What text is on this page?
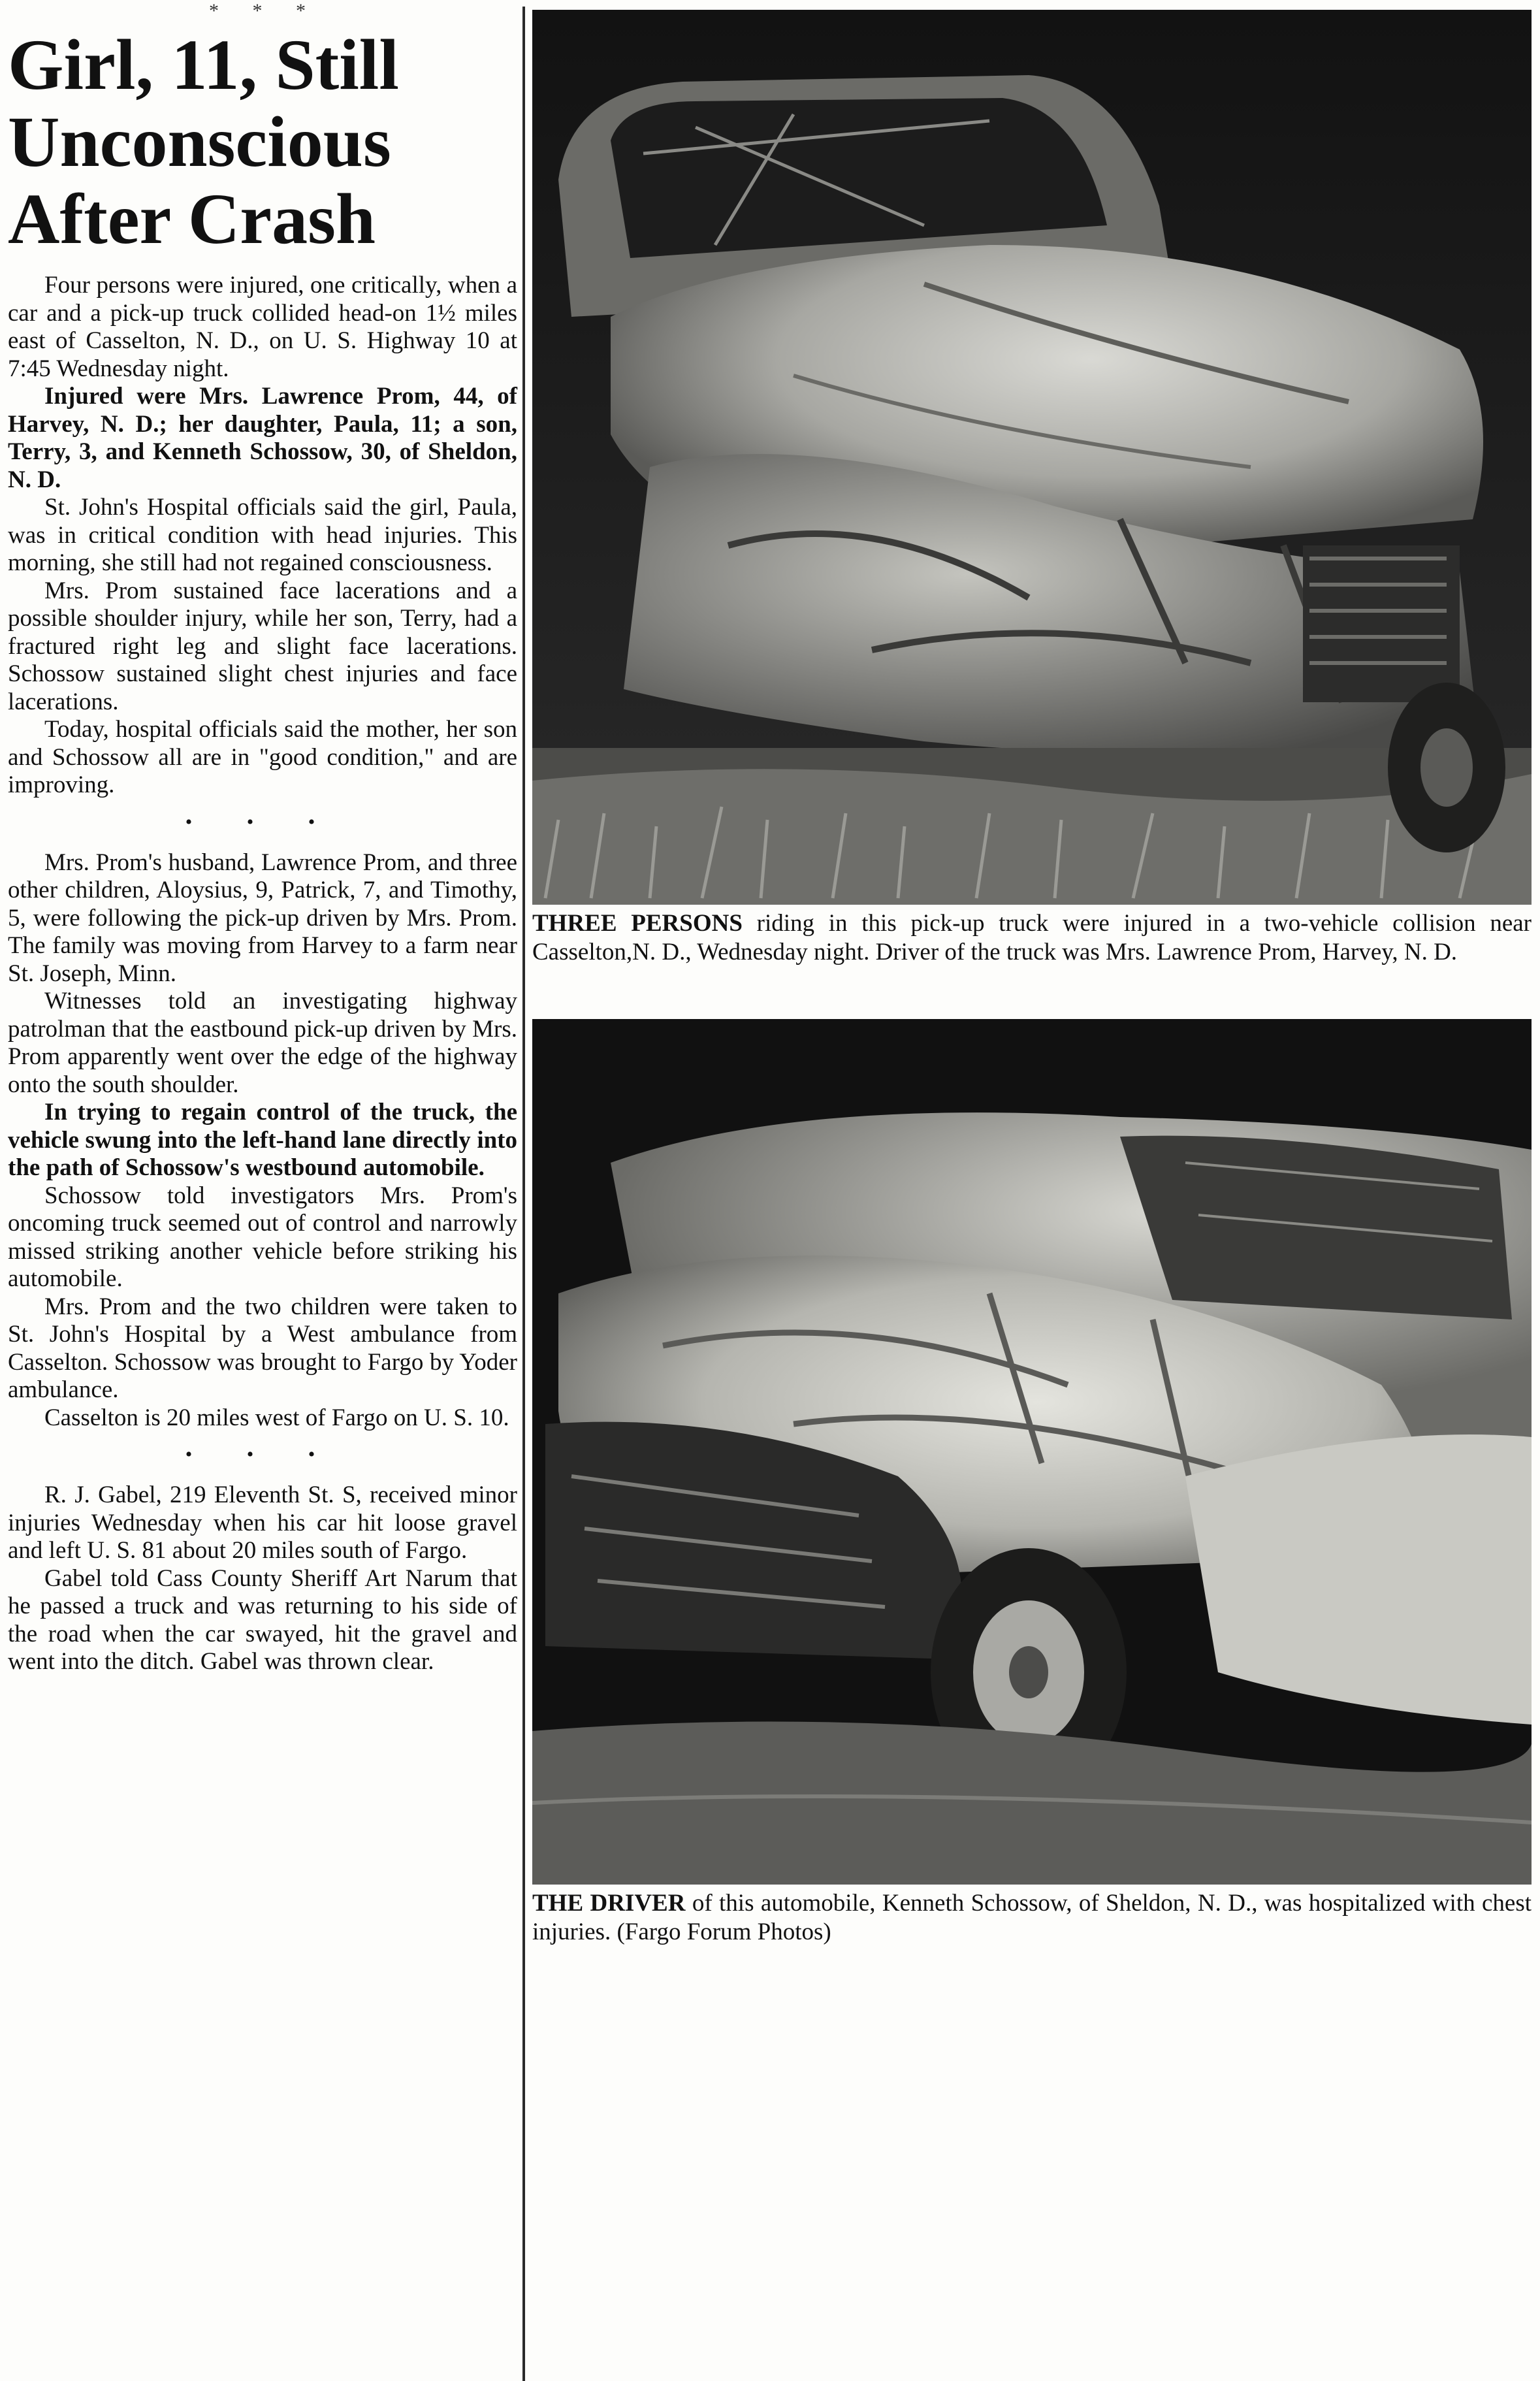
* * *
Girl, 11, Still
Unconscious
After Crash

Four persons were injured, one critically, when a car and a pick-up truck collided head-on 1½ miles east of Casselton, N. D., on U. S. Highway 10 at 7:45 Wednesday night.

Injured were Mrs. Lawrence Prom, 44, of Harvey, N. D.; her daughter, Paula, 11; a son, Terry, 3, and Kenneth Schossow, 30, of Sheldon, N. D.

St. John's Hospital officials said the girl, Paula, was in critical condition with head injuries. This morning, she still had not regained consciousness.

Mrs. Prom sustained face lacerations and a possible shoulder injury, while her son, Terry, had a fractured right leg and slight face lacerations. Schossow sustained slight chest injuries and face lacerations.

Today, hospital officials said the mother, her son and Schossow all are in "good condition," and are improving.

• • •

Mrs. Prom's husband, Lawrence Prom, and three other children, Aloysius, 9, Patrick, 7, and Timothy, 5, were following the pick-up driven by Mrs. Prom. The family was moving from Harvey to a farm near St. Joseph, Minn.

Witnesses told an investigating highway patrolman that the eastbound pick-up driven by Mrs. Prom apparently went over the edge of the highway onto the south shoulder.

In trying to regain control of the truck, the vehicle swung into the left-hand lane directly into the path of Schossow's westbound automobile.

Schossow told investigators Mrs. Prom's oncoming truck seemed out of control and narrowly missed striking another vehicle before striking his automobile.

Mrs. Prom and the two children were taken to St. John's Hospital by a West ambulance from Casselton. Schossow was brought to Fargo by Yoder ambulance.

Casselton is 20 miles west of Fargo on U. S. 10.

• • •

R. J. Gabel, 219 Eleventh St. S, received minor injuries Wednesday when his car hit loose gravel and left U. S. 81 about 20 miles south of Fargo.

Gabel told Cass County Sheriff Art Narum that he passed a truck and was returning to his side of the road when the car swayed, hit the gravel and went into the ditch. Gabel was thrown clear.

THREE PERSONS riding in this pick-up truck were injured in a two-vehicle collision near Casselton,N. D., Wednesday night. Driver of the truck was Mrs. Lawrence Prom, Harvey, N. D.
THE DRIVER of this automobile, Kenneth Schossow, of Sheldon, N. D., was hospitalized with chest injuries. (Fargo Forum Photos)
